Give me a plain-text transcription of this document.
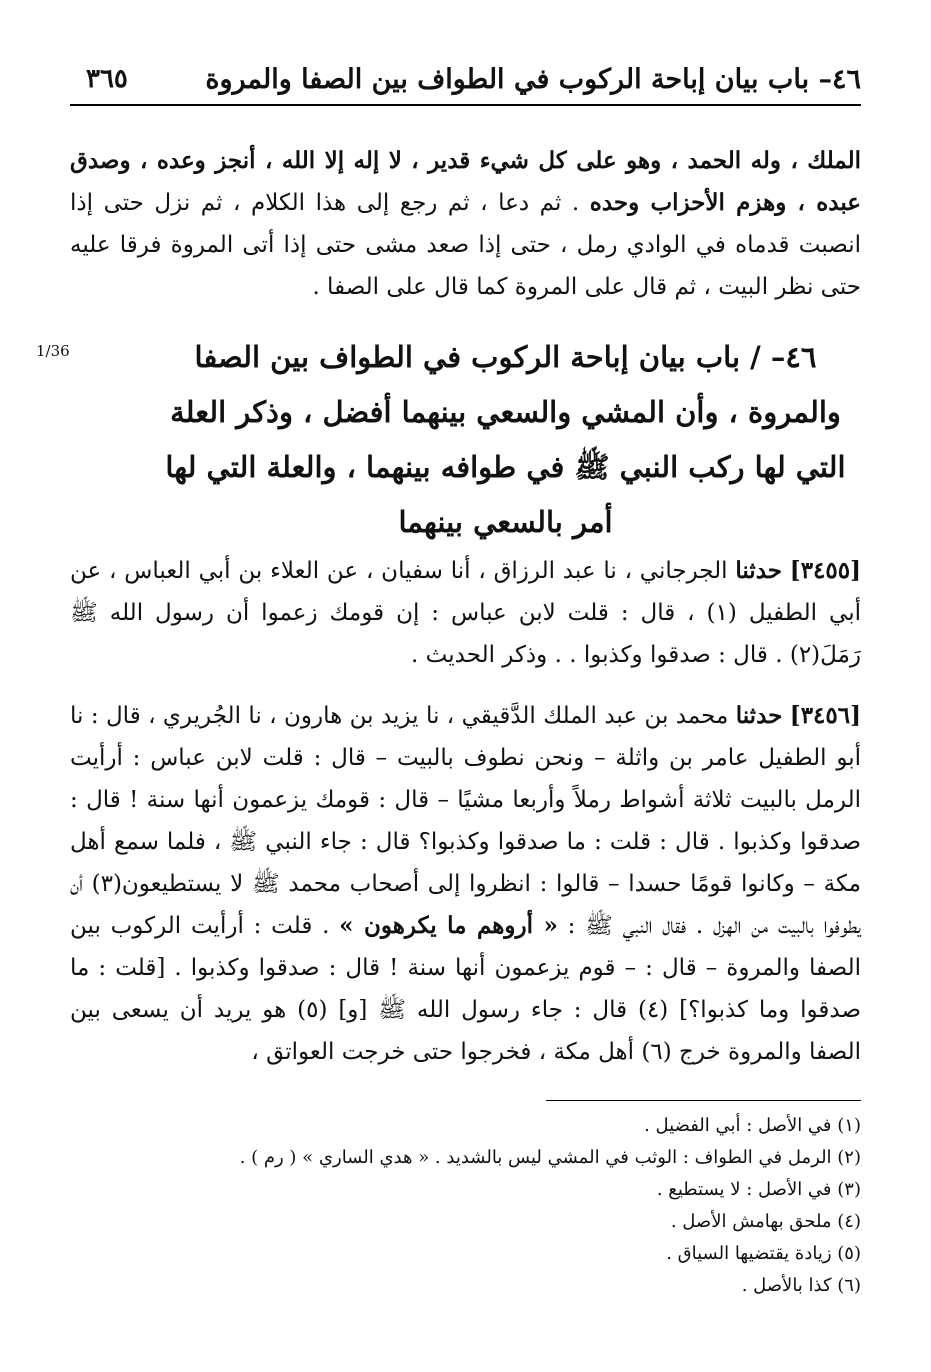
٤٦– باب بيان إباحة الركوب في الطواف بين الصفا والمروة
٣٦٥

الملك ، وله الحمد ، وهو على كل شيء قدير ، لا إله إلا الله ، أنجز وعده ، وصدق عبده ، وهزم الأحزاب وحده . ثم دعا ، ثم رجع إلى هذا الكلام ، ثم نزل حتى إذا انصبت قدماه في الوادي رمل ، حتى إذا صعد مشى حتى إذا أتى المروة فرقا عليه حتى نظر البيت ، ثم قال على المروة كما قال على الصفا .

1/36	٤٦– / باب بيان إباحة الركوب في الطواف بين الصفا والمروة ، وأن المشي والسعي بينهما أفضل ، وذكر العلة التي لها ركب النبي ﷺ في طوافه بينهما ، والعلة التي لها أمر بالسعي بينهما

[٣٤٥٥] حدثنا الجرجاني ، نا عبد الرزاق ، أنا سفيان ، عن العلاء بن أبي العباس ، عن أبي الطفيل (١) ، قال : قلت لابن عباس : إن قومك زعموا أن رسول الله ﷺ رَمَلَ(٢) . قال : صدقوا وكذبوا . . وذكر الحديث .

[٣٤٥٦] حدثنا محمد بن عبد الملك الدَّقيقي ، نا يزيد بن هارون ، نا الجُريري ، قال : نا أبو الطفيل عامر بن واثلة – ونحن نطوف بالبيت – قال : قلت لابن عباس : أرأيت الرمل بالبيت ثلاثة أشواط رملاً وأربعا مشيًا – قال : قومك يزعمون أنها سنة ! قال : صدقوا وكذبوا . قال : قلت : ما صدقوا وكذبوا؟ قال : جاء النبي ﷺ ، فلما سمع أهل مكة – وكانوا قومًا حسدا – قالوا : انظروا إلى أصحاب محمد ﷺ لا يستطيعون(٣) أن يطوفوا بالبيت من الهزل . فقال النبي ﷺ : « أروهم ما يكرهون » . قلت : أرأيت الركوب بين الصفا والمروة – قال : – قوم يزعمون أنها سنة ! قال : صدقوا وكذبوا . [قلت : ما صدقوا وما كذبوا؟] (٤) قال : جاء رسول الله ﷺ [و] (٥) هو يريد أن يسعى بين الصفا والمروة خرج (٦) أهل مكة ، فخرجوا حتى خرجت العواتق ،

(١) في الأصل : أبي الفضيل .
(٢) الرمل في الطواف : الوثب في المشي ليس بالشديد . « هدي الساري » ( رم ) .
(٣) في الأصل : لا يستطيع .
(٤) ملحق بهامش الأصل .
(٥) زيادة يقتضيها السياق .
(٦) كذا بالأصل .
